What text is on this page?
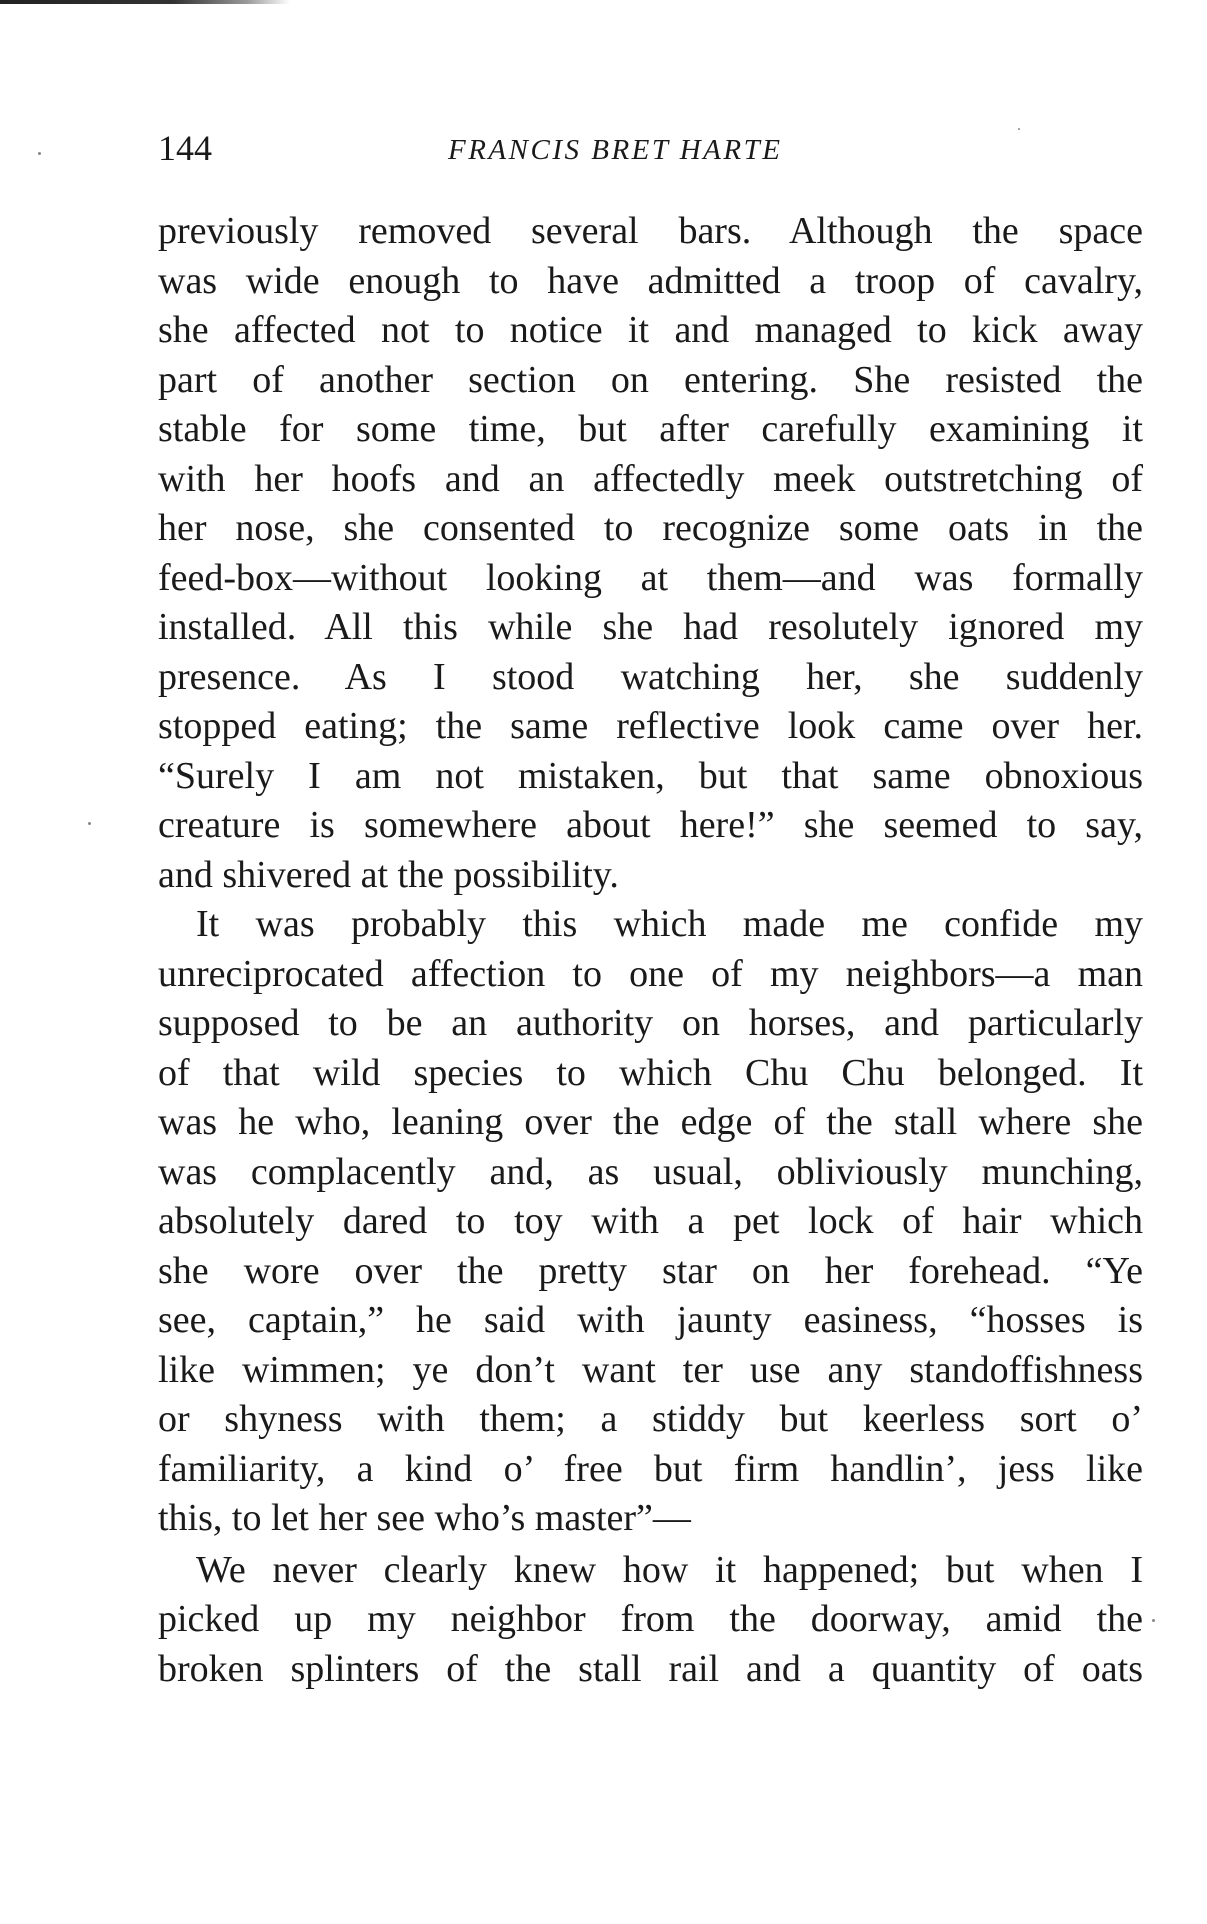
144	FRANCIS BRET HARTE
previously removed several bars. Although the space
was wide enough to have admitted a troop of cavalry,
she affected not to notice it and managed to kick away
part of another section on entering. She resisted the
stable for some time, but after carefully examining it
with her hoofs and an affectedly meek outstretching of
her nose, she consented to recognize some oats in the
feed-box—without looking at them—and was formally
installed. All this while she had resolutely ignored my
presence. As I stood watching her, she suddenly
stopped eating; the same reflective look came over her.
“Surely I am not mistaken, but that same obnoxious
creature is somewhere about here!” she seemed to say,
and shivered at the possibility.
It was probably this which made me confide my
unreciprocated affection to one of my neighbors—a man
supposed to be an authority on horses, and particularly
of that wild species to which Chu Chu belonged. It
was he who, leaning over the edge of the stall where she
was complacently and, as usual, obliviously munching,
absolutely dared to toy with a pet lock of hair which
she wore over the pretty star on her forehead. “Ye
see, captain,” he said with jaunty easiness, “hosses is
like wimmen; ye don’t want ter use any standoffishness
or shyness with them; a stiddy but keerless sort o’
familiarity, a kind o’ free but firm handlin’, jess like
this, to let her see who’s master”—
We never clearly knew how it happened; but when I
picked up my neighbor from the doorway, amid the
broken splinters of the stall rail and a quantity of oats
